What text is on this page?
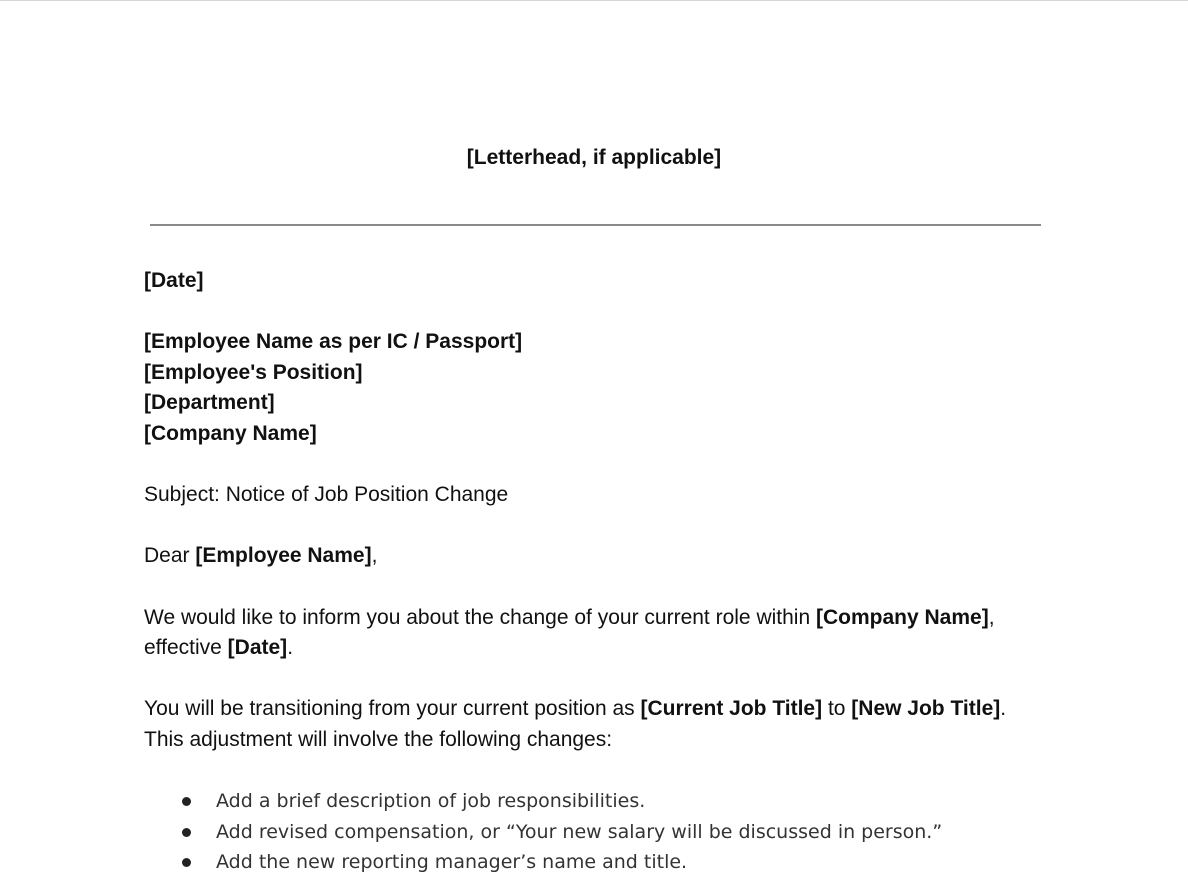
[Letterhead, if applicable]

[Date]

[Employee Name as per IC / Passport]

[Employee's Position]

[Department]

[Company Name]

Subject: Notice of Job Position Change

Dear [Employee Name],

We would like to inform you about the change of your current role within [Company Name], effective [Date].

You will be transitioning from your current position as [Current Job Title] to [New Job Title]. This adjustment will involve the following changes:

Add a brief description of job responsibilities.
Add revised compensation, or “Your new salary will be discussed in person.”
Add the new reporting manager’s name and title.
